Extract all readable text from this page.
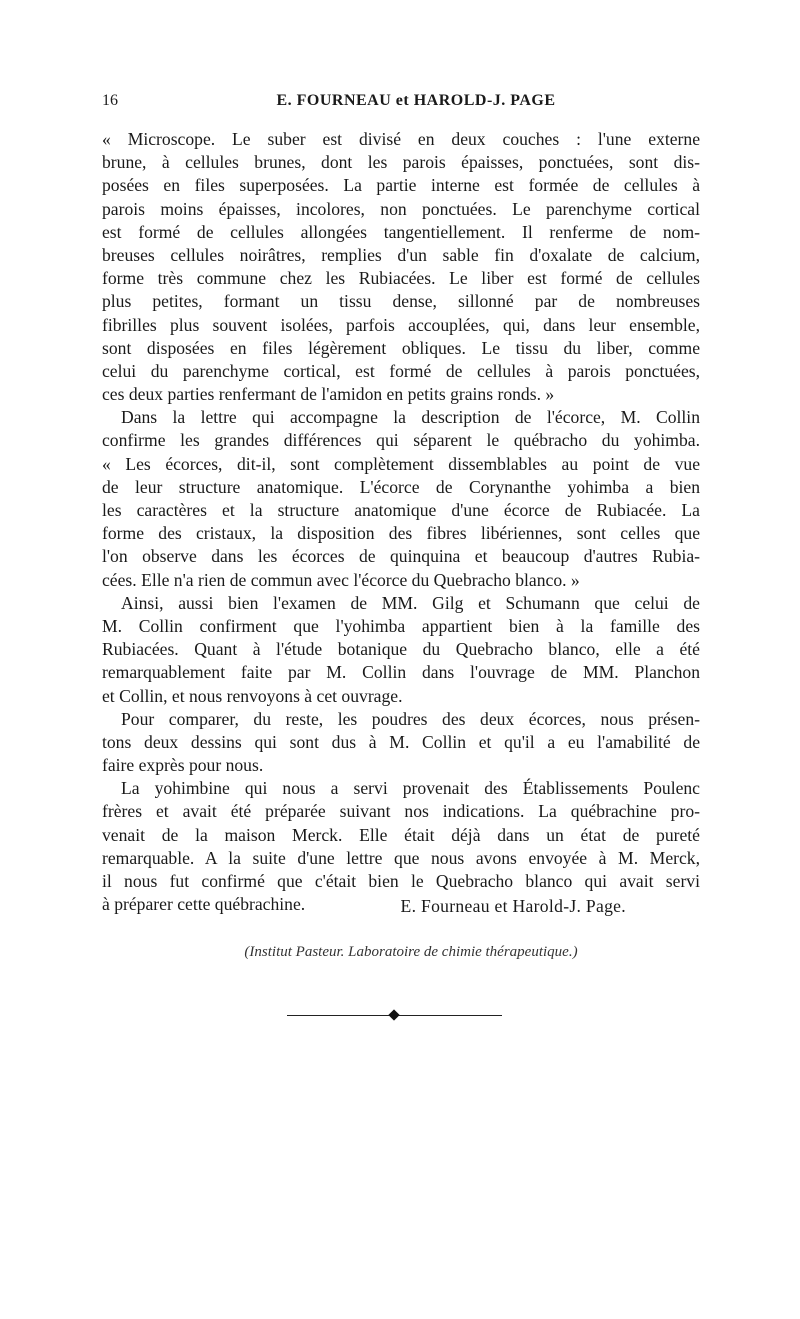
16	E. FOURNEAU et HAROLD-J. PAGE
« Microscope. Le suber est divisé en deux couches : l'une externe
brune, à cellules brunes, dont les parois épaisses, ponctuées, sont dis-
posées en files superposées. La partie interne est formée de cellules à
parois moins épaisses, incolores, non ponctuées. Le parenchyme cortical
est formé de cellules allongées tangentiellement. Il renferme de nom-
breuses cellules noirâtres, remplies d'un sable fin d'oxalate de calcium,
forme très commune chez les Rubiacées. Le liber est formé de cellules
plus petites, formant un tissu dense, sillonné par de nombreuses
fibrilles plus souvent isolées, parfois accouplées, qui, dans leur ensemble,
sont disposées en files légèrement obliques. Le tissu du liber, comme
celui du parenchyme cortical, est formé de cellules à parois ponctuées,
ces deux parties renfermant de l'amidon en petits grains ronds. »
Dans la lettre qui accompagne la description de l'écorce, M. Collin
confirme les grandes différences qui séparent le québracho du yohimba.
« Les écorces, dit-il, sont complètement dissemblables au point de vue
de leur structure anatomique. L'écorce de Corynanthe yohimba a bien
les caractères et la structure anatomique d'une écorce de Rubiacée. La
forme des cristaux, la disposition des fibres libériennes, sont celles que
l'on observe dans les écorces de quinquina et beaucoup d'autres Rubia-
cées. Elle n'a rien de commun avec l'écorce du Quebracho blanco. »
Ainsi, aussi bien l'examen de MM. Gilg et Schumann que celui de
M. Collin confirment que l'yohimba appartient bien à la famille des
Rubiacées. Quant à l'étude botanique du Quebracho blanco, elle a été
remarquablement faite par M. Collin dans l'ouvrage de MM. Planchon
et Collin, et nous renvoyons à cet ouvrage.
Pour comparer, du reste, les poudres des deux écorces, nous présen-
tons deux dessins qui sont dus à M. Collin et qu'il a eu l'amabilité de
faire exprès pour nous.
La yohimbine qui nous a servi provenait des Établissements Poulenc
frères et avait été préparée suivant nos indications. La québrachine pro-
venait de la maison Merck. Elle était déjà dans un état de pureté
remarquable. A la suite d'une lettre que nous avons envoyée à M. Merck,
il nous fut confirmé que c'était bien le Quebracho blanco qui avait servi
à préparer cette québrachine.	E. Fourneau et Harold-J. Page.
(Institut Pasteur. Laboratoire de chimie thérapeutique.)
